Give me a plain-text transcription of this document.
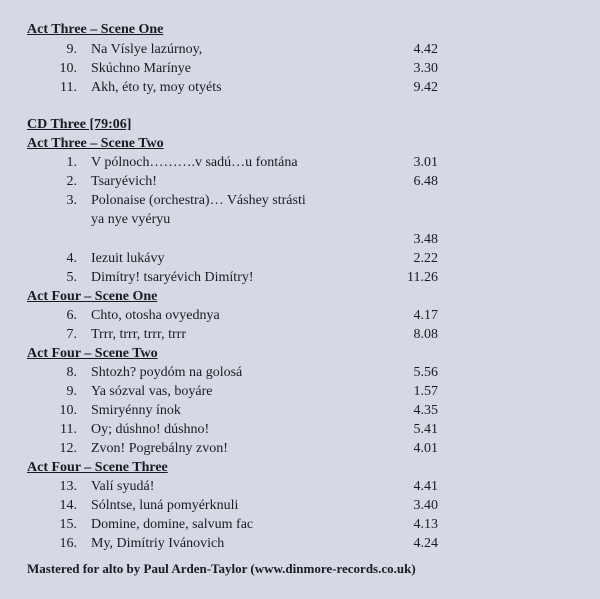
Act Three – Scene One
9. Na Víslye lazúrnoy,	4.42
10. Skúchno Marínye	3.30
11. Akh, éto ty, moy otyéts	9.42
CD Three [79:06]
Act Three – Scene Two
1. V pólnoch……….v sadú…u fontána	3.01
2. Tsaryévich!	6.48
3. Polonaise (orchestra)… Váshey strásti
ya nye vyéryu
3.48
4. Iezuit lukávy	2.22
5. Dimítry! tsaryévich Dimítry!	11.26
Act Four – Scene One
6. Chto, otosha ovyednya	4.17
7. Trrr, trrr, trrr, trrr	8.08
Act Four – Scene Two
8. Shtozh? poydóm na golosá	5.56
9. Ya sózval vas, boyáre	1.57
10. Smiryénny ínok	4.35
11. Oy; dúshno! dúshno!	5.41
12. Zvon! Pogrebálny zvon!	4.01
Act Four – Scene Three
13. Valí syudá!	4.41
14. Sólntse, luná pomyérknuli	3.40
15. Domine, domine, salvum fac	4.13
16. My, Dimítriy Ivánovich	4.24
Mastered for alto by Paul Arden-Taylor (www.dinmore-records.co.uk)
